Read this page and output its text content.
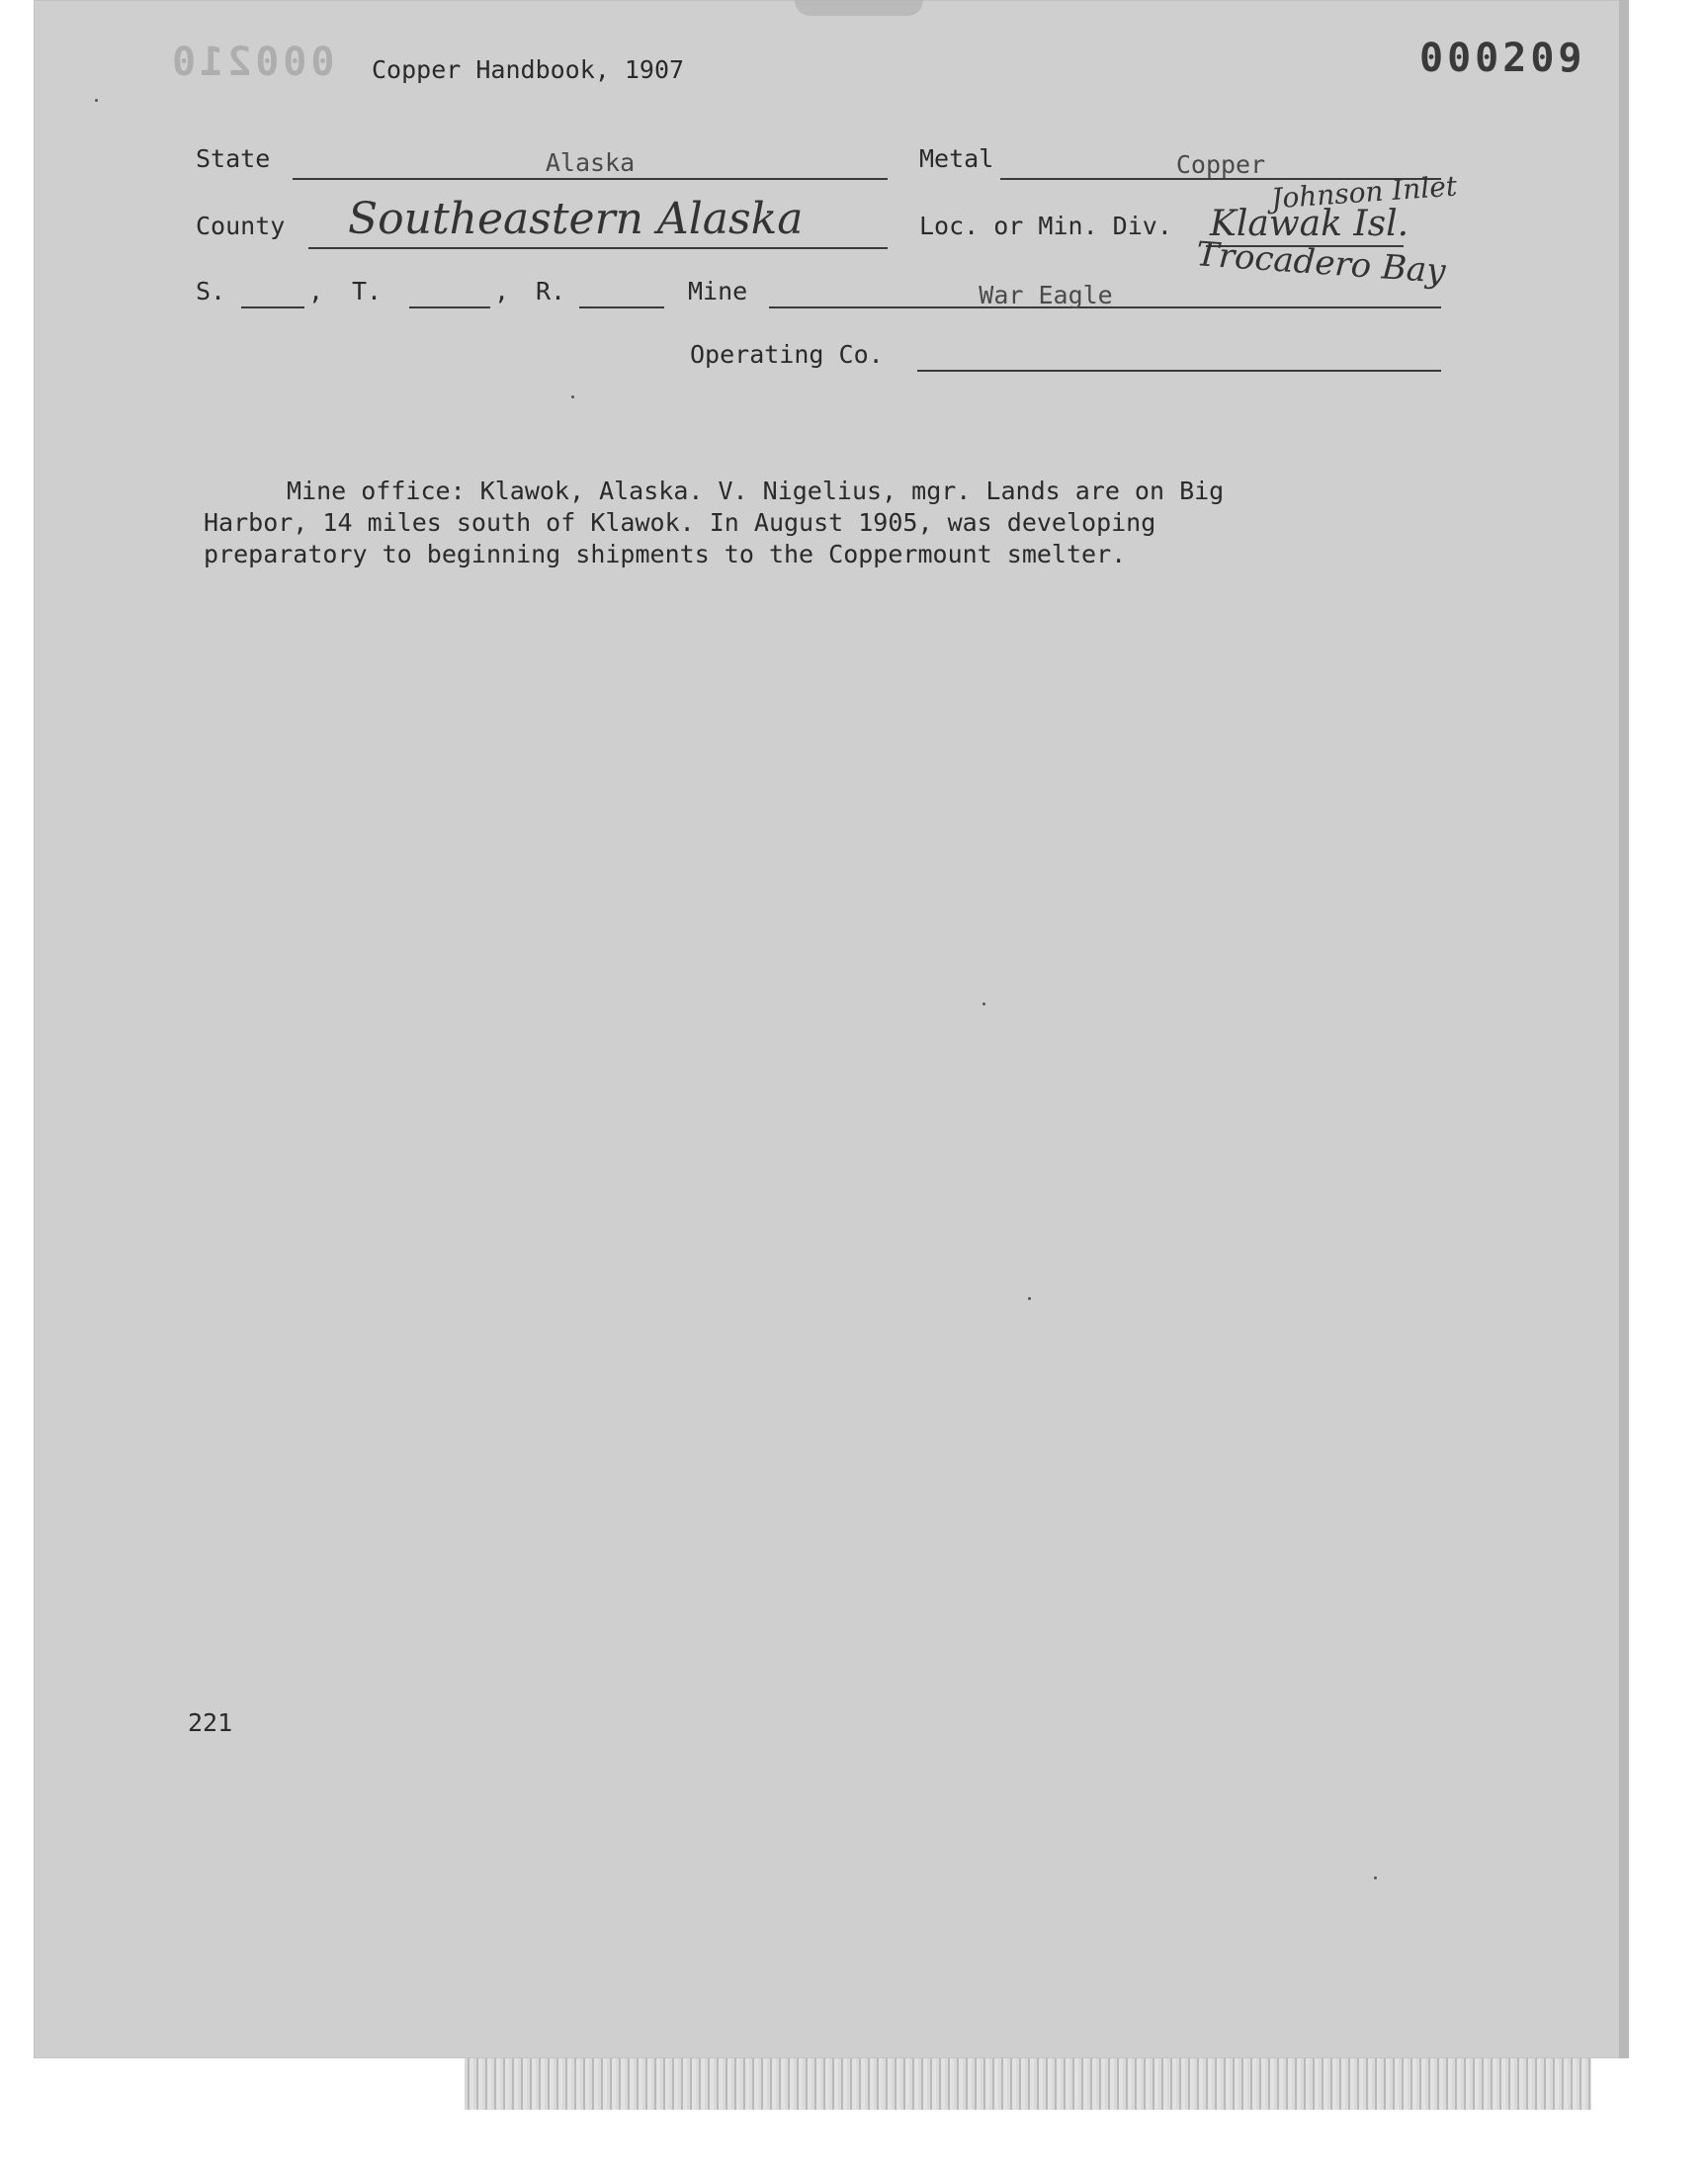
000210 Copper Handbook, 1907	000209
State	Alaska	Metal	Copper
County Southeastern Alaska	Loc. or Min. Div.
Johnson Inlet
Klawak Isl.
Trocadero Bay
S.	, T.	, R.	Mine	War Eagle
Operating Co.
Mine office: Klawok, Alaska. V. Nigelius, mgr. Lands are on Big
Harbor, 14 miles south of Klawok. In August 1905, was developing
preparatory to beginning shipments to the Coppermount smelter.
221
